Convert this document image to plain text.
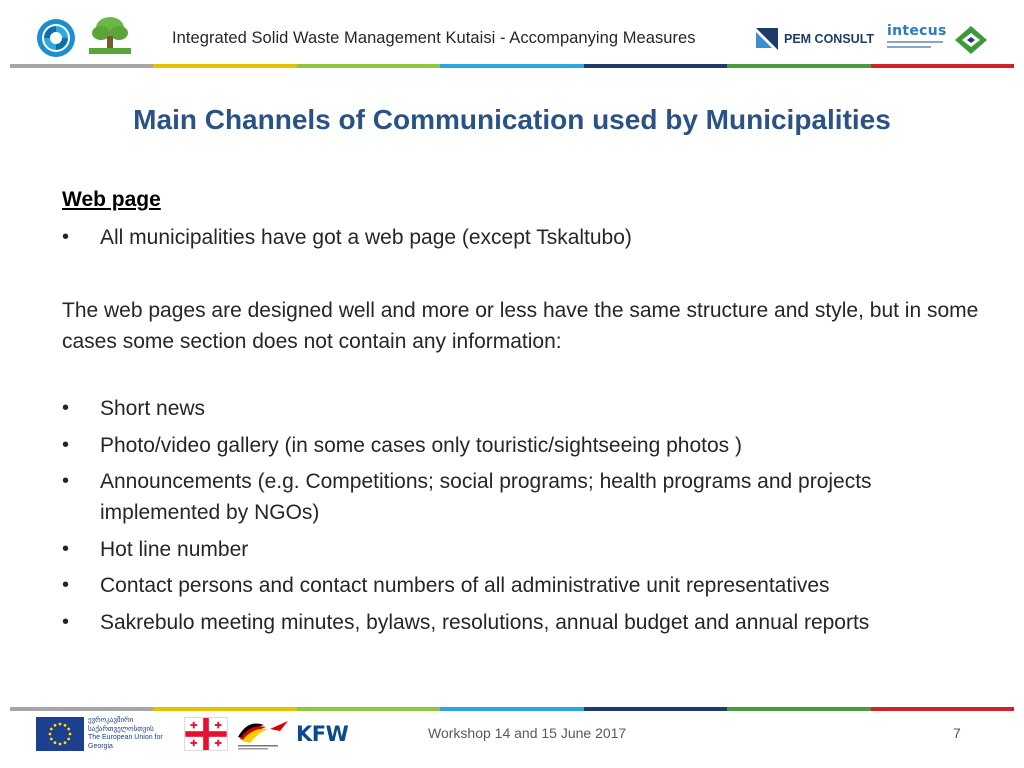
Integrated Solid Waste Management Kutaisi - Accompanying Measures	PEM CONSULT intecus
Main Channels of Communication used by Municipalities
Web page
• All municipalities have got a web page (except Tskaltubo)

The web pages are designed well and more or less have the same structure and style, but in some cases some section does not contain any information:

• Short news
• Photo/video gallery (in some cases only touristic/sightseeing photos )
• Announcements (e.g. Competitions; social programs; health programs and projects implemented by NGOs)
• Hot line number
• Contact persons and contact numbers of all administrative unit representatives
• Sakrebulo meeting minutes, bylaws, resolutions, annual budget and annual reports
ევროკავშირი
საქართველოსთვის
The European Union for Georgia	KFW	Workshop 14 and 15 June 2017	7
